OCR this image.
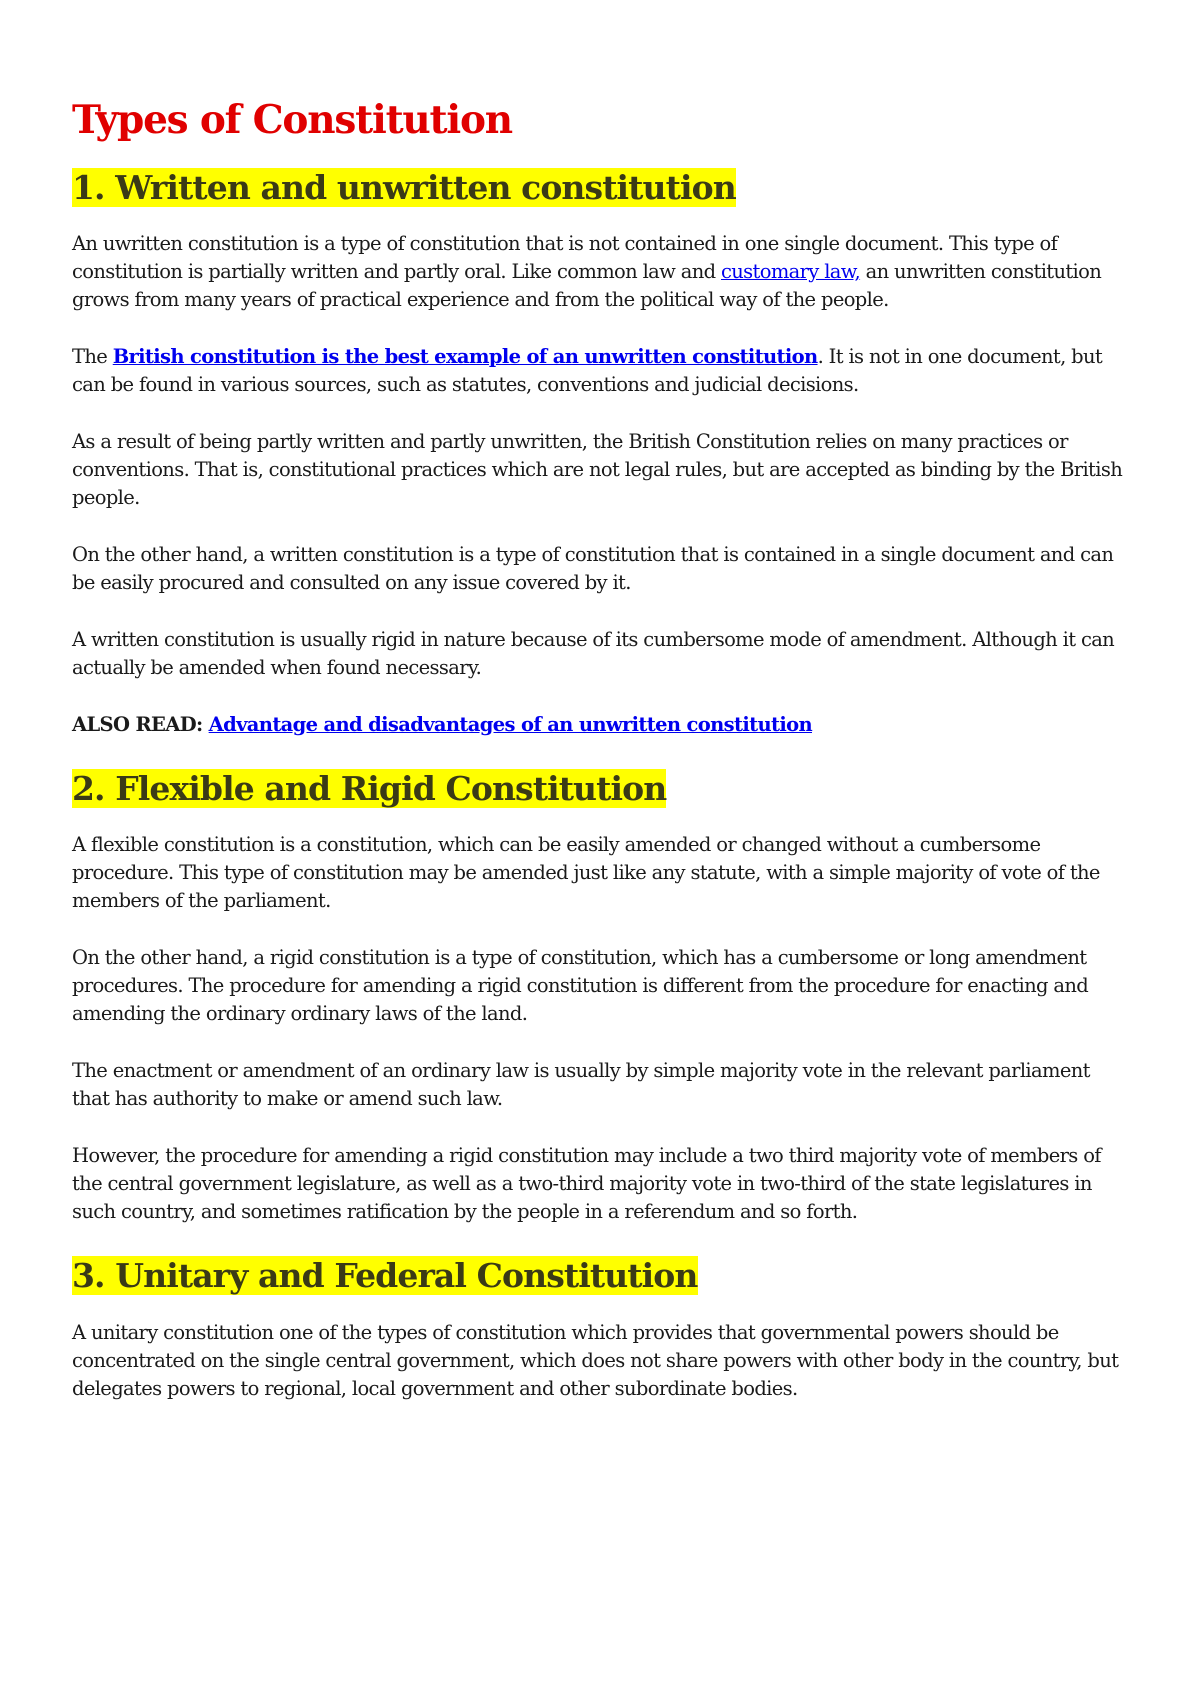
Types of Constitution
1. Written and unwritten constitution

An uwritten constitution is a type of constitution that is not contained in one single document. This type of constitution is partially written and partly oral. Like common law and customary law, an unwritten constitution grows from many years of practical experience and from the political way of the people.

The British constitution is the best example of an unwritten constitution. It is not in one document, but can be found in various sources, such as statutes, conventions and judicial decisions.

As a result of being partly written and partly unwritten, the British Constitution relies on many practices or conventions. That is, constitutional practices which are not legal rules, but are accepted as binding by the British people.

On the other hand, a written constitution is a type of constitution that is contained in a single document and can be easily procured and consulted on any issue covered by it.

A written constitution is usually rigid in nature because of its cumbersome mode of amendment. Although it can actually be amended when found necessary.

ALSO READ: Advantage and disadvantages of an unwritten constitution

2. Flexible and Rigid Constitution

A flexible constitution is a constitution, which can be easily amended or changed without a cumbersome procedure. This type of constitution may be amended just like any statute, with a simple majority of vote of the members of the parliament.

On the other hand, a rigid constitution is a type of constitution, which has a cumbersome or long amendment procedures. The procedure for amending a rigid constitution is different from the procedure for enacting and amending the ordinary ordinary laws of the land.

The enactment or amendment of an ordinary law is usually by simple majority vote in the relevant parliament that has authority to make or amend such law.

However, the procedure for amending a rigid constitution may include a two third majority vote of members of the central government legislature, as well as a two-third majority vote in two-third of the state legislatures in such country, and sometimes ratification by the people in a referendum and so forth.

3. Unitary and Federal Constitution

A unitary constitution one of the types of constitution which provides that governmental powers should be concentrated on the single central government, which does not share powers with other body in the country, but delegates powers to regional, local government and other subordinate bodies.
